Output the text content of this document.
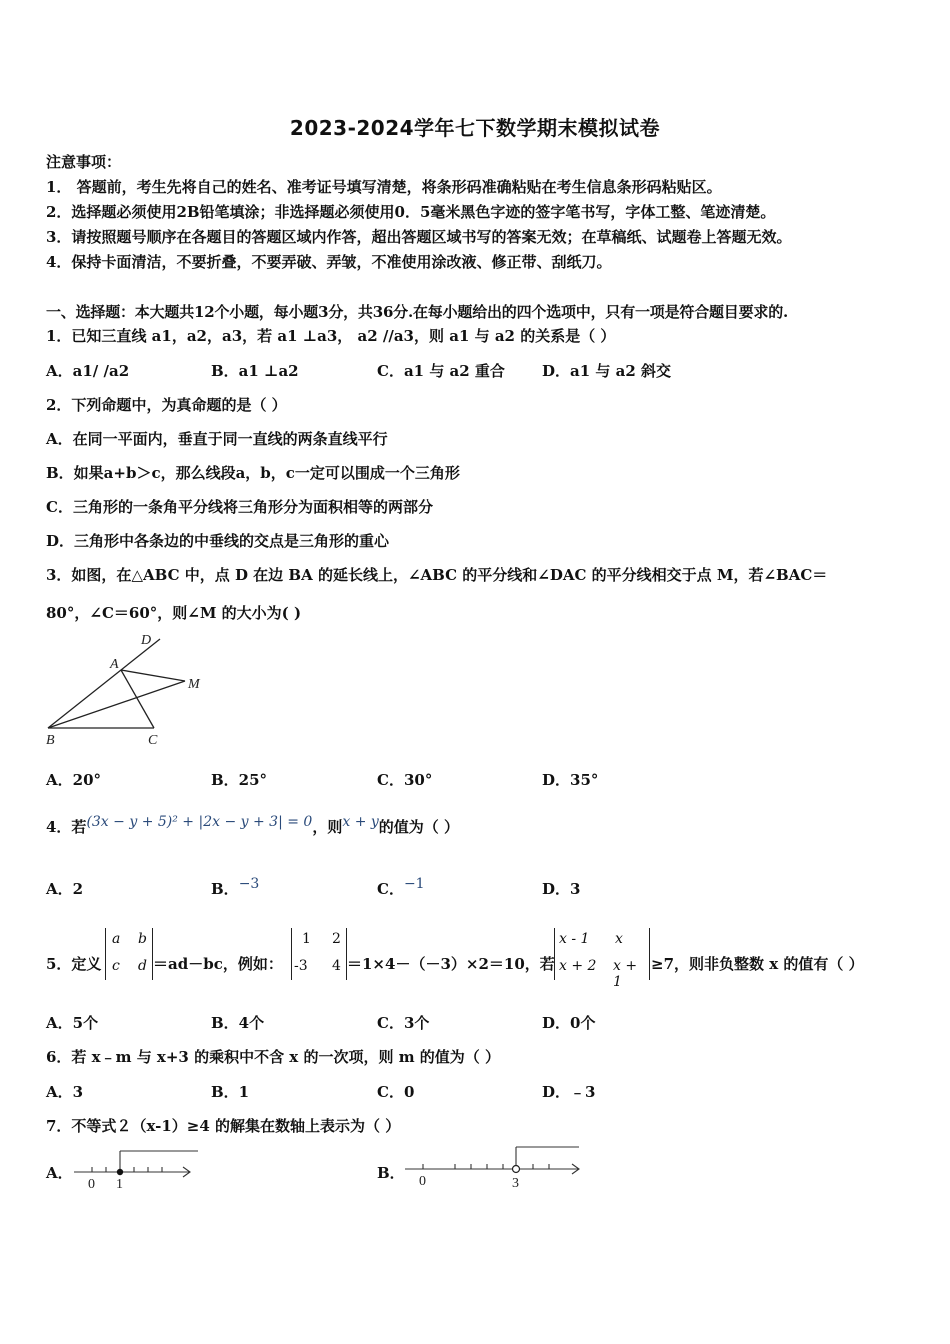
2023-2024学年七下数学期末模拟试卷
注意事项：
1． 答题前，考生先将自己的姓名、准考证号填写清楚，将条形码准确粘贴在考生信息条形码粘贴区。
2．选择题必须使用2B铅笔填涂；非选择题必须使用0．5毫米黑色字迹的签字笔书写，字体工整、笔迹清楚。
3．请按照题号顺序在各题目的答题区域内作答，超出答题区域书写的答案无效；在草稿纸、试题卷上答题无效。
4．保持卡面清洁，不要折叠，不要弄破、弄皱，不准使用涂改液、修正带、刮纸刀。
一、选择题：本大题共12个小题，每小题3分，共36分.在每小题给出的四个选项中，只有一项是符合题目要求的.
1．已知三直线 a1，a2，a3，若 a1 ⊥a3， a2 //a3，则 a1 与 a2 的关系是（ ）
A．a1/ /a2	B．a1 ⊥a2	C．a1 与 a2 重合 D．a1 与 a2 斜交
2．下列命题中，为真命题的是（ ）
A．在同一平面内，垂直于同一直线的两条直线平行
B．如果a+b＞c，那么线段a，b，c一定可以围成一个三角形
C．三角形的一条角平分线将三角形分为面积相等的两部分
D．三角形中各条边的中垂线的交点是三角形的重心
3．如图，在△ABC 中，点 D 在边 BA 的延长线上，∠ABC 的平分线和∠DAC 的平分线相交于点 M，若∠BAC＝
80°，∠C＝60°，则∠M 的大小为( )
D
A
M
B	C
A．20°	B．25°	C．30°	D．35°
4．若(3x − y + 5)² + |2x − y + 3| = 0，则x + y的值为（ ）
A．2	B．−3	C．−1	D．3
5．定义
a b
c d ＝ad－bc，例如：
1 2
-3 4 ＝1×4－（－3）×2＝10，若
x - 1 x
x + 2 x + 1
≥7，则非负整数 x 的值有（ ）
A．5个	B．4个	C．3个	D．0个
6．若 x﹣m 与 x+3 的乘积中不含 x 的一次项，则 m 的值为（ ）
A．3	B．1	C．0	D．﹣3
7．不等式２（x-1）≥4 的解集在数轴上表示为（ ）
A．
0 1
B． 0	3
